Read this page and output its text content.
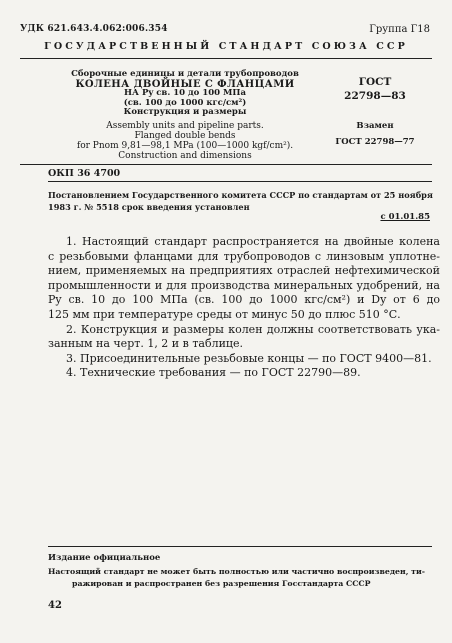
УДК 621.643.4.062:006.354	Группа Г18
ГОСУДАРСТВЕННЫЙ СТАНДАРТ СОЮЗА ССР
Сборочные единицы и детали трубопроводов
КОЛЕНА ДВОЙНЫЕ С ФЛАНЦАМИ
НА Py св. 10 до 100 МПа
(св. 100 до 1000 кгс/см²)
Конструкция и размеры
Assembly units and pipeline parts.
Flanged double bends
for Pnom 9,81—98,1 MPa (100—1000 kgf/cm²).
Construction and dimensions
ГОСТ
22798—83
Взамен
ГОСТ 22798—77
ОКП 36 4700
Постановлением Государственного комитета СССР по стандартам от 25 ноября
1983 г. № 5518 срок введения установлен
с 01.01.85

1. Настоящий стандарт распространяется на двойные колена

с резьбовыми фланцами для трубопроводов с линзовым уплотне-

нием, применяемых на предприятиях отраслей нефтехимической

промышленности и для производства минеральных удобрений, на

Py св. 10 до 100 МПа (св. 100 до 1000 кгс/см²) и Dy от 6 до

125 мм при температуре среды от минус 50 до плюс 510 °С.

2. Конструкция и размеры колен должны соответствовать ука-

занным на черт. 1, 2 и в таблице.

3. Присоединительные резьбовые концы — по ГОСТ 9400—81.

4. Технические требования — по ГОСТ 22790—89.

Издание официальное
Настоящий стандарт не может быть полностью или частично воспроизведен, ти-
ражирован и распространен без разрешения Госстандарта СССР
42
